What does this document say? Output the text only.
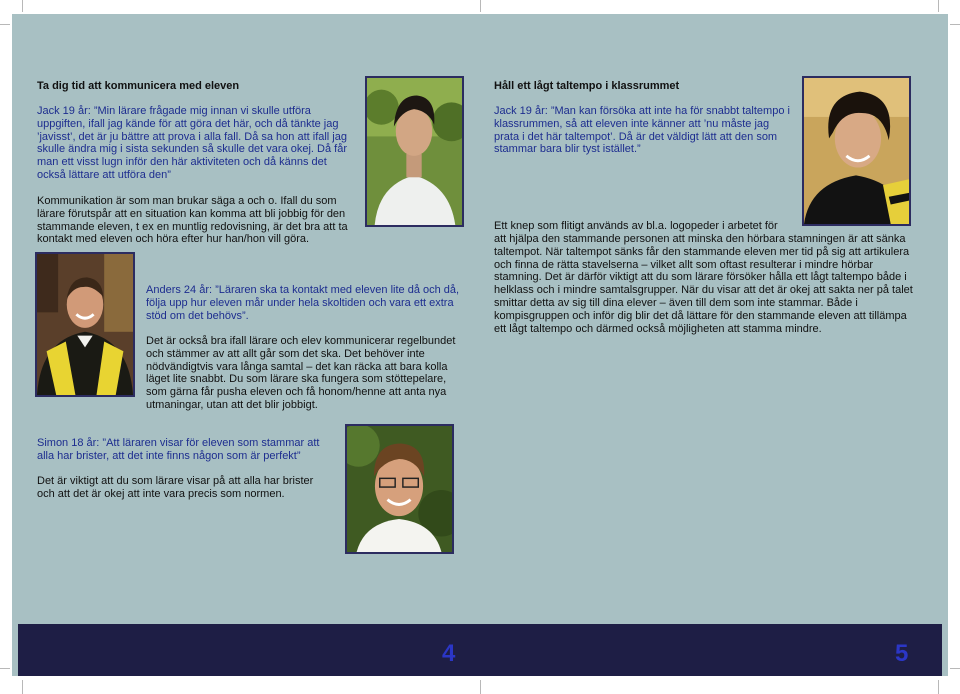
Ta dig tid att kommunicera med eleven

Jack 19 år: ”Min lärare frågade mig innan vi skulle utföra uppgiften, ifall jag kände för att göra det här, och då tänkte jag ’javisst’, det är ju bättre att prova i alla fall. Då sa hon att ifall jag skulle ändra mig i sista sekunden så skulle det vara okej. Då får man ett visst lugn inför den här aktiviteten och då känns det också lättare att utföra den”

Kommunikation är som man brukar säga a och o. Ifall du som lärare förutspår att en situation kan komma att bli jobbig för den stammande eleven, t ex en muntlig redovisning, är det bra att ta kontakt med eleven och höra efter hur han/hon vill göra.

Anders 24 år: ”Läraren ska ta kontakt med eleven lite då och då, följa upp hur eleven mår under hela skoltiden och vara ett extra stöd om det behövs”.

Det är också bra ifall lärare och elev kommunicerar regelbundet och stämmer av att allt går som det ska. Det behöver inte nödvändigtvis vara långa samtal – det kan räcka att bara kolla läget lite snabbt. Du som lärare ska fungera som stöttepelare, som gärna får pusha eleven och få honom/henne att anta nya utmaningar, utan att det blir jobbigt.

Simon 18 år: ”Att läraren visar för eleven som stammar att alla har brister, att det inte finns någon som är perfekt”

Det är viktigt att du som lärare visar på att alla har brister och att det är okej att inte vara precis som normen.

Håll ett lågt taltempo i klassrummet

Jack 19 år: ”Man kan försöka att inte ha för snabbt taltempo i klassrummen, så att eleven inte känner att ’nu måste jag prata i det här taltempot’. Då är det väldigt lätt att den som stammar bara blir tyst istället.”

Ett knep som flitigt används av bl.a. logopeder i arbetet för

att hjälpa den stammande personen att minska den hörbara stamningen är att sänka taltempot. När taltempot sänks får den stammande eleven mer tid på sig att artikulera och finna de rätta stavelserna – vilket allt som oftast resulterar i mindre hörbar stamning. Det är därför viktigt att du som lärare försöker hålla ett lågt taltempo både i helklass och i mindre samtalsgrupper. När du visar att det är okej att sakta ner på talet smittar detta av sig till dina elever – även till dem som inte stammar. Både i kompisgruppen och inför dig blir det då lättare för den stammande eleven att tillämpa ett lågt taltempo och därmed också möjligheten att stamma mindre.

4	5
